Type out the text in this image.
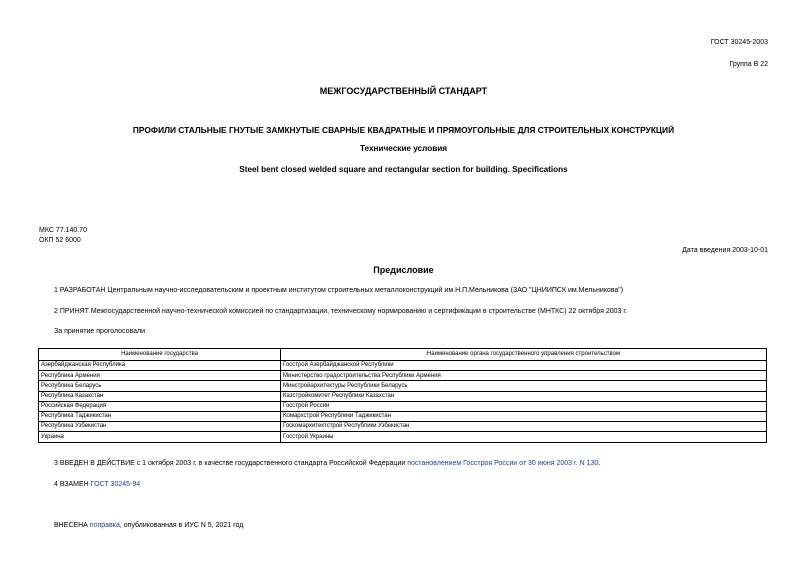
ГОСТ 30245-2003
Группа В 22
МЕЖГОСУДАРСТВЕННЫЙ СТАНДАРТ
ПРОФИЛИ СТАЛЬНЫЕ ГНУТЫЕ ЗАМКНУТЫЕ СВАРНЫЕ КВАДРАТНЫЕ И ПРЯМОУГОЛЬНЫЕ ДЛЯ СТРОИТЕЛЬНЫХ КОНСТРУКЦИЙ
Технические условия
Steel bent closed welded square and rectangular section for building. Specifications
МКС 77.140.70
ОКП 52 6000
Дата введения 2003-10-01
Предисловие
1 РАЗРАБОТАН Центральным научно-исследовательским и проектным институтом строительных металлоконструкций им.Н.П.Мельникова (ЗАО "ЦНИИПСК им.Мельникова")
2 ПРИНЯТ Межгосударственной научно-технической комиссией по стандартизации, техническому нормированию и сертификации в строительстве (МНТКС) 22 октября 2003 г.
За принятие проголосовали
Наименование государства	Наименование органа государственного управления строительством
Азербайджанская Республика	Госстрой Азербайджанской Республики
Республика Армения	Министерство градостроительства Республики Армения
Республика Беларусь	Минстройархитектуры Республики Беларусь
Республика Казахстан	Казстройкомитет Республики Казахстан
Российская Федерация	Госстрой России
Республика Таджикистан	Комархстрой Республики Таджикистан
Республика Узбекистан	Госкомархитектстрой Республики Узбекистан
Украина	Госстрой Украины
3 ВВЕДЕН В ДЕЙСТВИЕ с 1 октября 2003 г. в качестве государственного стандарта Российской Федерации постановлением Госстроя России от 30 июня 2003 г. N 130.
4 ВЗАМЕН ГОСТ 30245-94
ВНЕСЕНА поправка, опубликованная в ИУС N 5, 2021 год
